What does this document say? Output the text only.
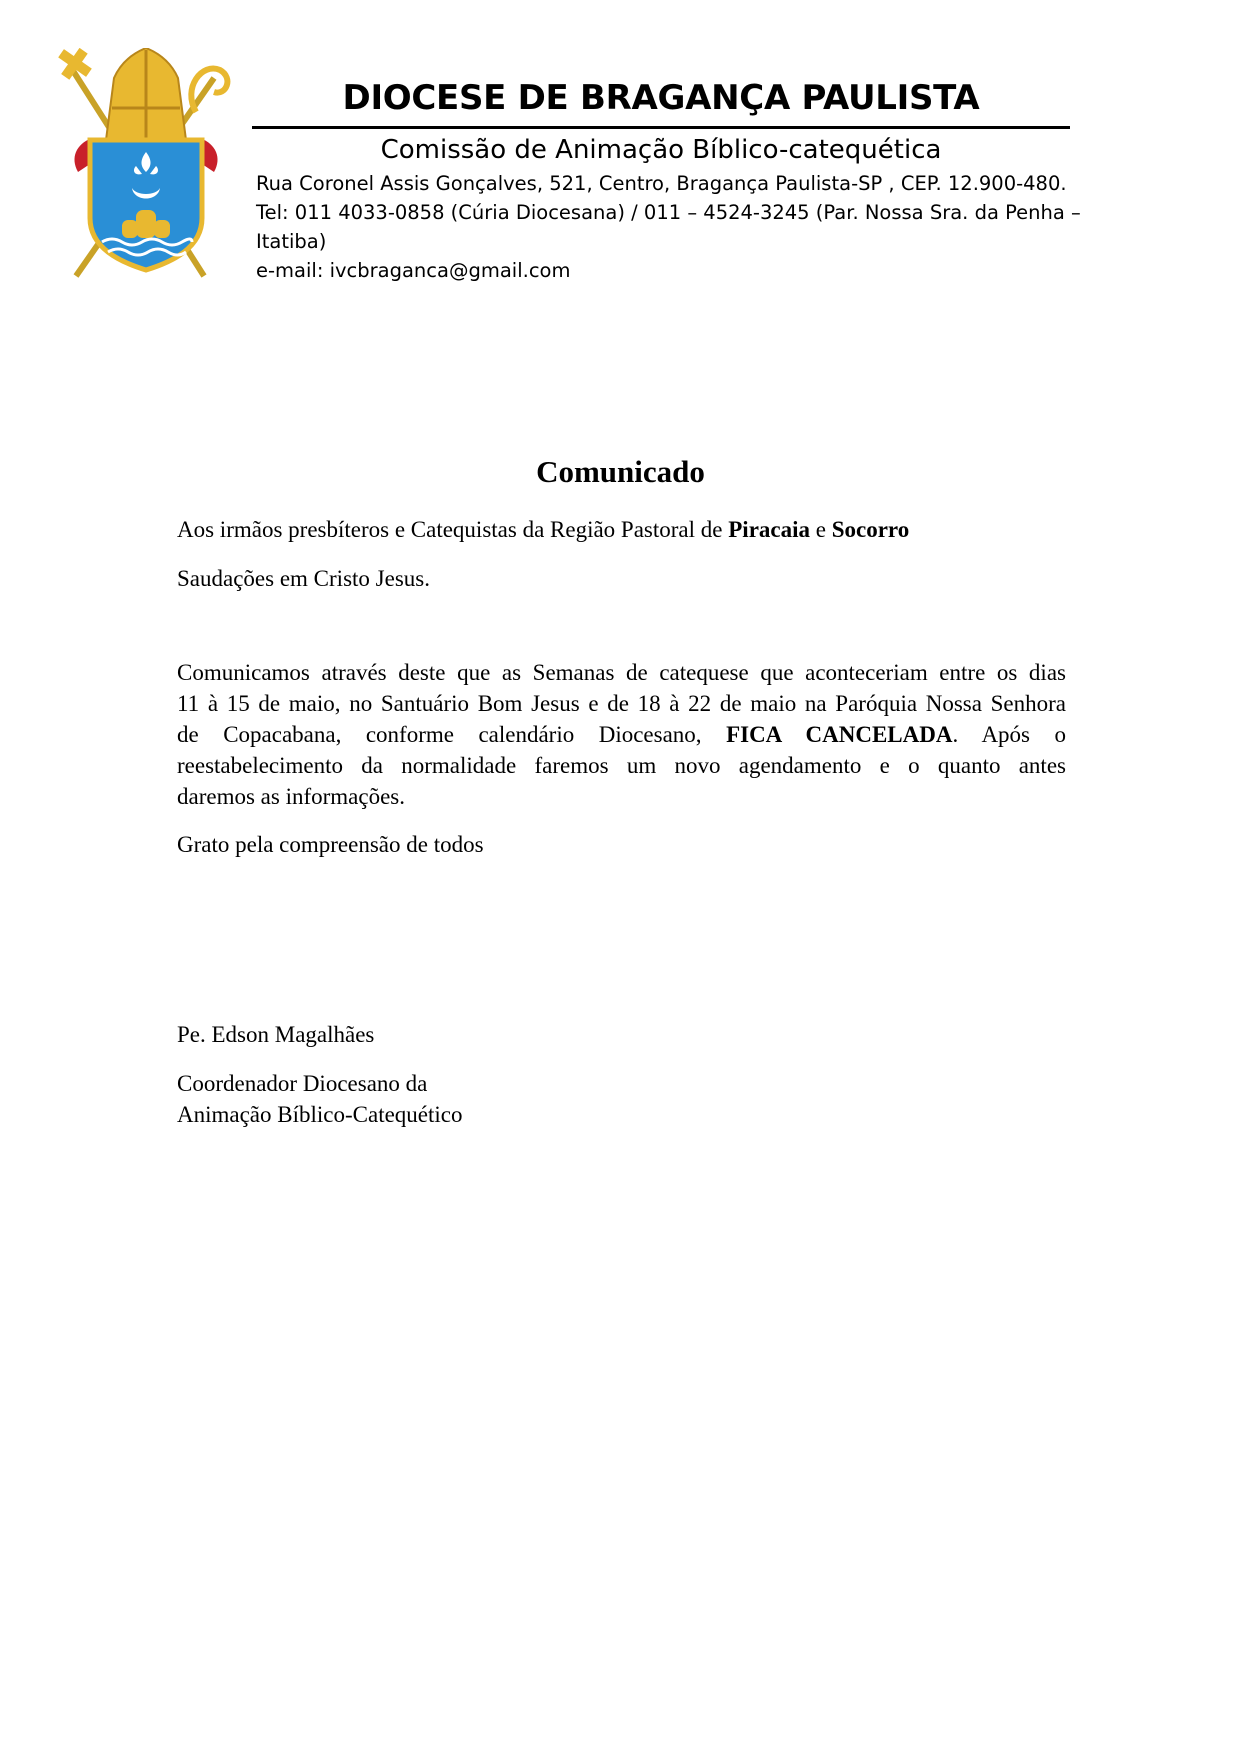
DIOCESE DE BRAGANÇA PAULISTA
Comissão de Animação Bíblico-catequética
Rua Coronel Assis Gonçalves, 521, Centro, Bragança Paulista-SP , CEP. 12.900-480.
Tel: 011 4033-0858 (Cúria Diocesana) / 011 – 4524-3245 (Par. Nossa Sra. da Penha –
Itatiba)
e-mail: ivcbraganca@gmail.com
Comunicado
Aos irmãos presbíteros e Catequistas da Região Pastoral de Piracaia e Socorro
Saudações em Cristo Jesus.
Comunicamos através deste que as Semanas de catequese que aconteceriam entre os dias
11 à 15 de maio, no Santuário Bom Jesus e de 18 à 22 de maio na Paróquia Nossa Senhora
de Copacabana, conforme calendário Diocesano, FICA CANCELADA. Após o
reestabelecimento da normalidade faremos um novo agendamento e o quanto antes
daremos as informações.
Grato pela compreensão de todos
Pe. Edson Magalhães
Coordenador Diocesano da
Animação Bíblico-Catequético
